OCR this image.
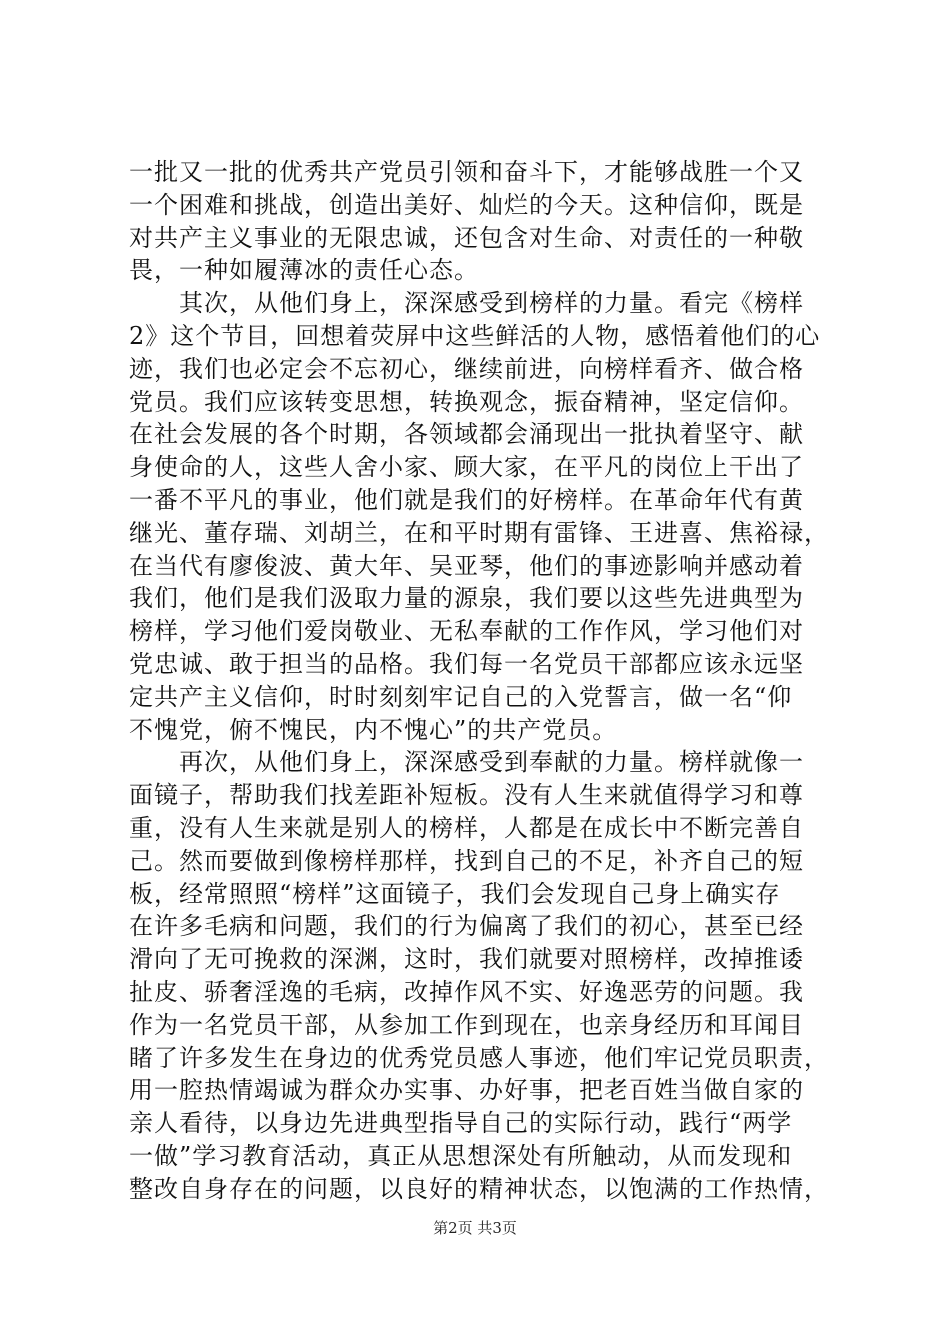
一批又一批的优秀共产党员引领和奋斗下，才能够战胜一个又
一个困难和挑战，创造出美好、灿烂的今天。这种信仰，既是
对共产主义事业的无限忠诚，还包含对生命、对责任的一种敬
畏，一种如履薄冰的责任心态。
　　其次，从他们身上，深深感受到榜样的力量。看完《榜样
2》这个节目，回想着荧屏中这些鲜活的人物，感悟着他们的心
迹，我们也必定会不忘初心，继续前进，向榜样看齐、做合格
党员。我们应该转变思想，转换观念，振奋精神，坚定信仰。
在社会发展的各个时期，各领域都会涌现出一批执着坚守、献
身使命的人，这些人舍小家、顾大家，在平凡的岗位上干出了
一番不平凡的事业，他们就是我们的好榜样。在革命年代有黄
继光、董存瑞、刘胡兰，在和平时期有雷锋、王进喜、焦裕禄，
在当代有廖俊波、黄大年、吴亚琴，他们的事迹影响并感动着
我们，他们是我们汲取力量的源泉，我们要以这些先进典型为
榜样，学习他们爱岗敬业、无私奉献的工作作风，学习他们对
党忠诚、敢于担当的品格。我们每一名党员干部都应该永远坚
定共产主义信仰，时时刻刻牢记自己的入党誓言，做一名“仰
不愧党，俯不愧民，内不愧心”的共产党员。
　　再次，从他们身上，深深感受到奉献的力量。榜样就像一
面镜子，帮助我们找差距补短板。没有人生来就值得学习和尊
重，没有人生来就是别人的榜样，人都是在成长中不断完善自
己。然而要做到像榜样那样，找到自己的不足，补齐自己的短
板，经常照照“榜样”这面镜子，我们会发现自己身上确实存
在许多毛病和问题，我们的行为偏离了我们的初心，甚至已经
滑向了无可挽救的深渊，这时，我们就要对照榜样，改掉推诿
扯皮、骄奢淫逸的毛病，改掉作风不实、好逸恶劳的问题。我
作为一名党员干部，从参加工作到现在，也亲身经历和耳闻目
睹了许多发生在身边的优秀党员感人事迹，他们牢记党员职责，
用一腔热情竭诚为群众办实事、办好事，把老百姓当做自家的
亲人看待，以身边先进典型指导自己的实际行动，践行“两学
一做”学习教育活动，真正从思想深处有所触动，从而发现和
整改自身存在的问题，以良好的精神状态，以饱满的工作热情，
第2页 共3页
